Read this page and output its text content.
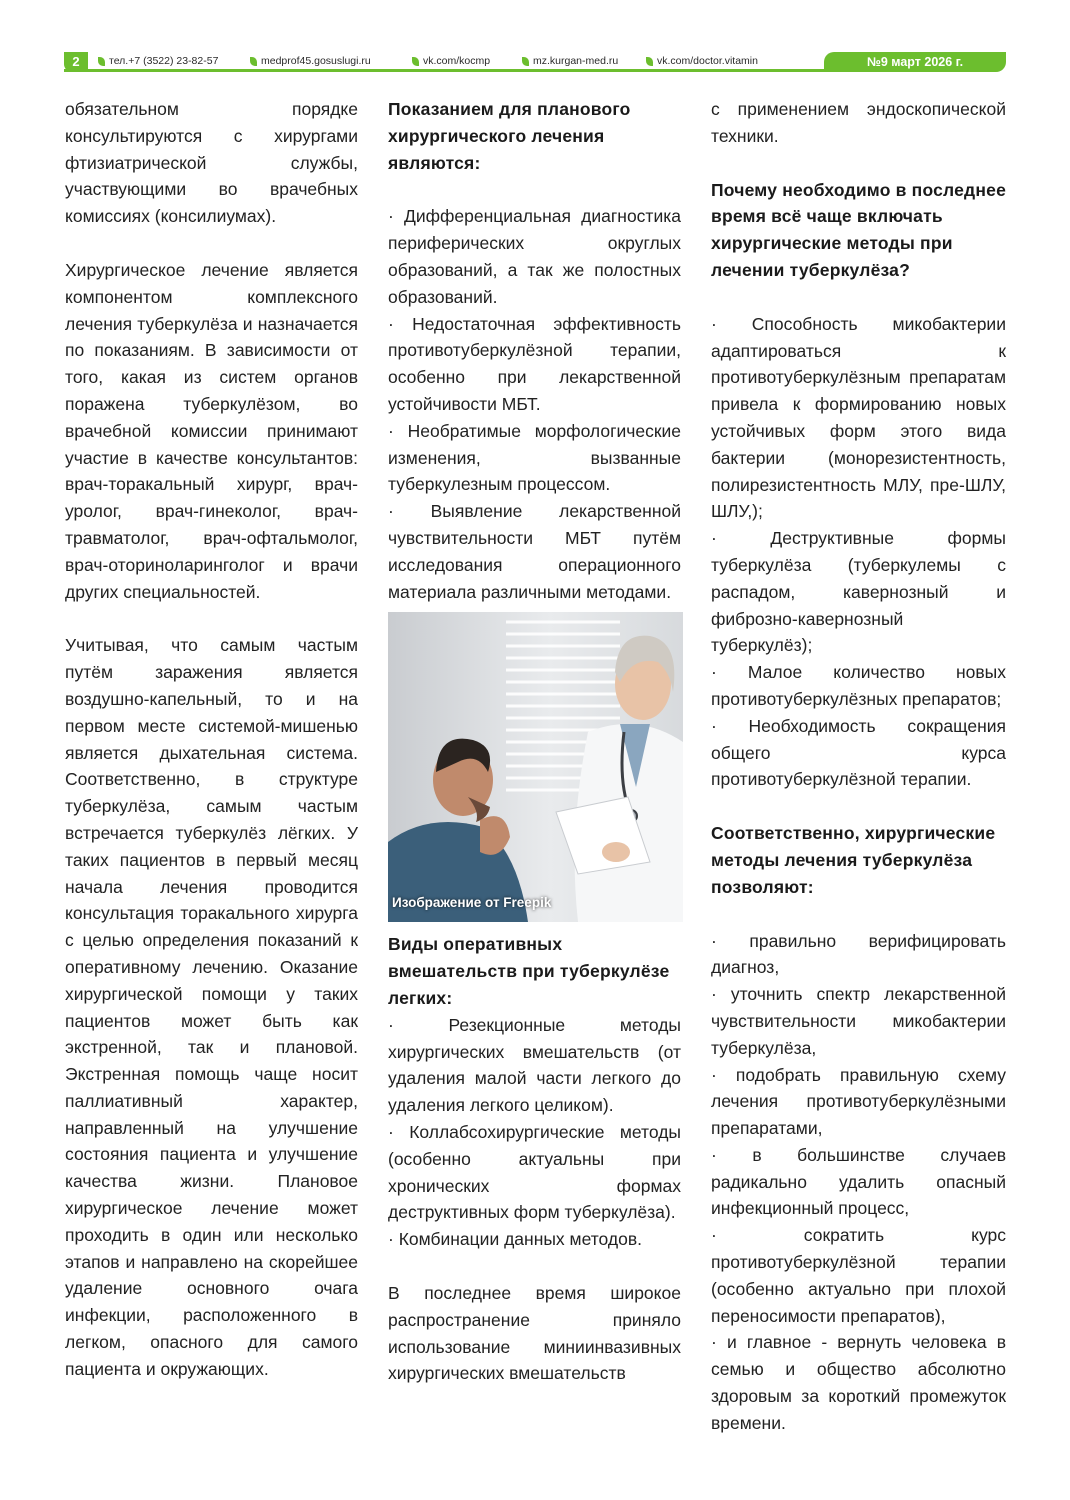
2	тел.+7 (3522) 23-82-57	medprof45.gosuslugi.ru	vk.com/kocmp	mz.kurgan-med.ru	vk.com/doctor.vitamin	№9 март 2026 г.

обязательном порядке консультируются с хирургами фтизиатрической службы, участвующими во врачебных комиссиях (консилиумах).

Хирургическое лечение является компонентом комплексного лечения туберкулёза и назначается по показаниям. В зависимости от того, какая из систем органов поражена туберкулёзом, во врачебной комиссии принимают участие в качестве консультантов: врач-торакальный хирург, врач-уролог, врач-гинеколог, врач-травматолог, врач-офтальмолог, врач-оториноларинголог и врачи других специальностей.

Учитывая, что самым частым путём заражения является воздушно-капельный, то и на первом месте системой-мишенью является дыхательная система. Соответственно, в структуре туберкулёза, самым частым встречается туберкулёз лёгких. У таких пациентов в первый месяц начала лечения проводится консультация торакального хирурга с целью определения показаний к оперативному лечению. Оказание хирургической помощи у таких пациентов может быть как экстренной, так и плановой. Экстренная помощь чаще носит паллиативный характер, направленный на улучшение состояния пациента и улучшение качества жизни. Плановое хирургическое лечение может проходить в один или несколько этапов и направлено на скорейшее удаление основного очага инфекции, расположенного в легком, опасного для самого пациента и окружающих.

Показанием для планового хирургического лечения являются:

· Дифференциальная диагностика периферических округлых образований, а так же полостных образований.

· Недостаточная эффективность противотуберкулёзной терапии, особенно при лекарственной устойчивости МБТ.

· Необратимые морфологические изменения, вызванные туберкулезным процессом.

· Выявление лекарственной чувствительности МБТ путём исследования операционного материала различными методами.

Изображение от Freepik
Виды оперативных вмешательств при туберкулёзе легких:

· Резекционные методы хирургических вмешательств (от удаления малой части легкого до удаления легкого целиком).

· Коллабсохирургические методы (особенно актуальны при хронических формах деструктивных форм туберкулёза).

· Комбинации данных методов.

В последнее время широкое распространение приняло использование миниинвазивных хирургических вмешательств

с применением эндоскопической техники.

Почему необходимо в последнее время всё чаще включать хирургические методы при лечении туберкулёза?

· Способность микобактерии адаптироваться к противотуберкулёзным препаратам привела к формированию новых устойчивых форм этого вида бактерии (монорезистентность, полирезистентность МЛУ, пре-ШЛУ, ШЛУ,);

· Деструктивные формы туберкулёза (туберкулемы с распадом, кавернозный и фиброзно-кавернозный туберкулёз);

· Малое количество новых противотуберкулёзных препаратов;

· Необходимость сокращения общего курса противотуберкулёзной терапии.

Соответственно, хирургические методы лечения туберкулёза позволяют:

· правильно верифицировать диагноз,

· уточнить спектр лекарственной чувствительности микобактерии туберкулёза,

· подобрать правильную схему лечения противотуберкулёзными препаратами,

· в большинстве случаев радикально удалить опасный инфекционный процесс,

· сократить курс противотуберкулёзной терапии (особенно актуально при плохой переносимости препаратов),

· и главное - вернуть человека в семью и общество абсолютно здоровым за короткий промежуток времени.
